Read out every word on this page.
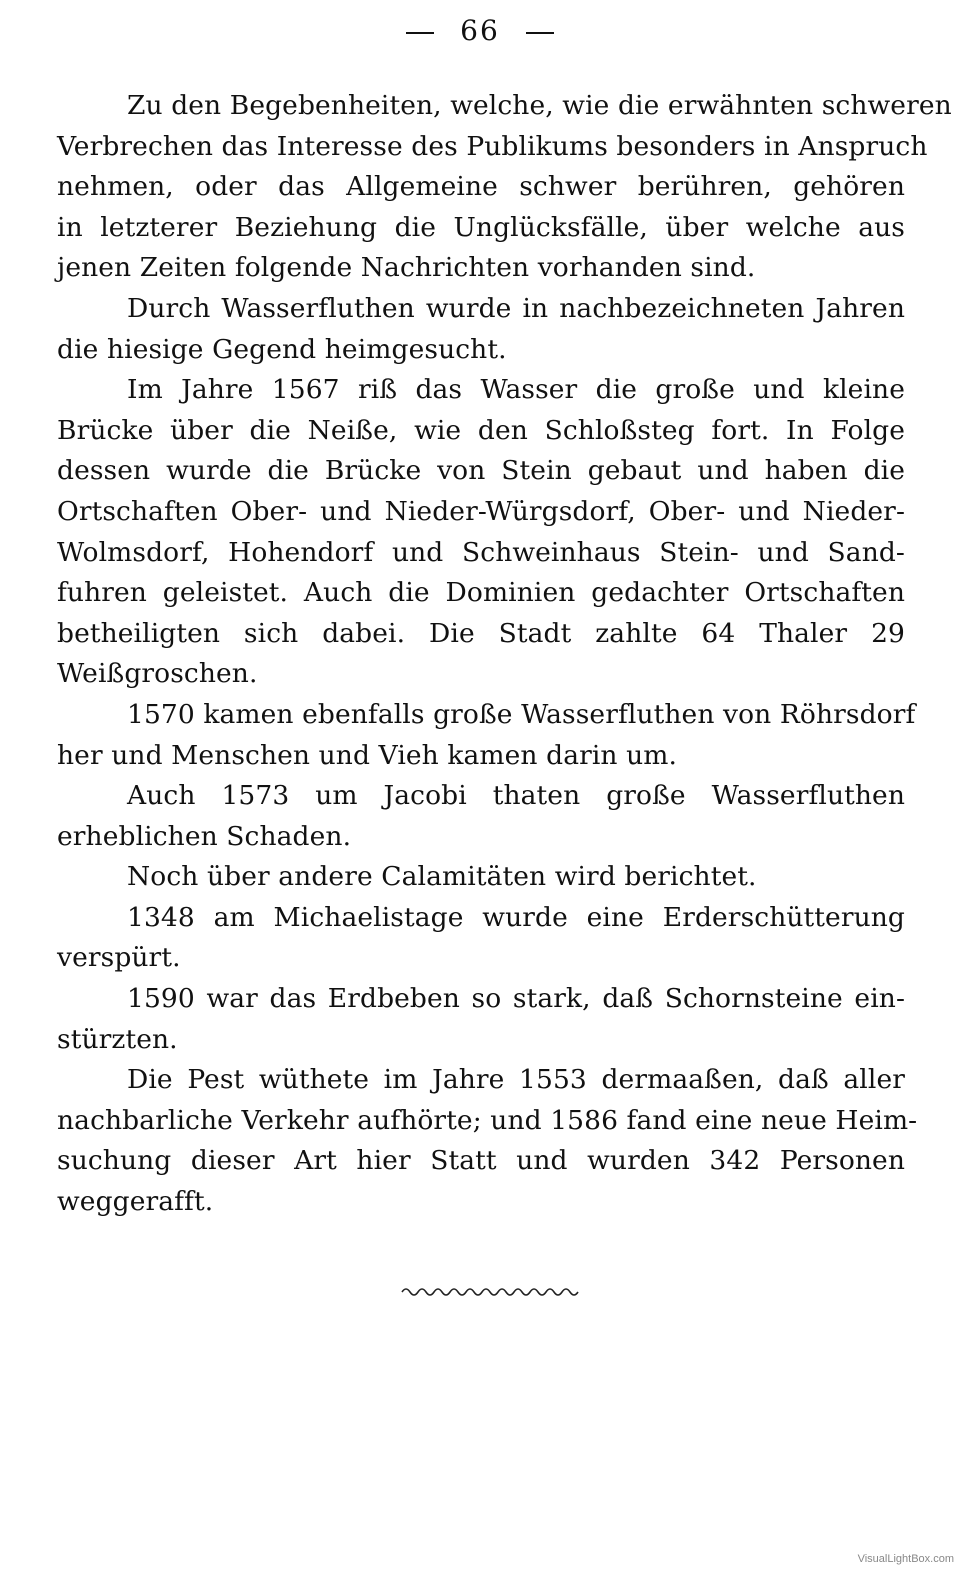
66
Zu den Begebenheiten, welche, wie die erwähnten schweren
Verbrechen das Interesse des Publikums besonders in Anspruch
nehmen, oder das Allgemeine schwer berühren, gehören
in letzterer Beziehung die Unglücksfälle, über welche aus
jenen Zeiten folgende Nachrichten vorhanden sind.
Durch Wasserfluthen wurde in nachbezeichneten Jahren
die hiesige Gegend heimgesucht.
Im Jahre 1567 riß das Wasser die große und kleine
Brücke über die Neiße, wie den Schloßsteg fort. In Folge
dessen wurde die Brücke von Stein gebaut und haben die
Ortschaften Ober- und Nieder-Würgsdorf, Ober- und Nieder-
Wolmsdorf, Hohendorf und Schweinhaus Stein- und Sand-
fuhren geleistet. Auch die Dominien gedachter Ortschaften
betheiligten sich dabei. Die Stadt zahlte 64 Thaler 29
Weißgroschen.
1570 kamen ebenfalls große Wasserfluthen von Röhrsdorf
her und Menschen und Vieh kamen darin um.
Auch 1573 um Jacobi thaten große Wasserfluthen
erheblichen Schaden.
Noch über andere Calamitäten wird berichtet.
1348 am Michaelistage wurde eine Erderschütterung
verspürt.
1590 war das Erdbeben so stark, daß Schornsteine ein-
stürzten.
Die Pest wüthete im Jahre 1553 dermaaßen, daß aller
nachbarliche Verkehr aufhörte; und 1586 fand eine neue Heim-
suchung dieser Art hier Statt und wurden 342 Personen
weggerafft.
VisualLightBox.com
